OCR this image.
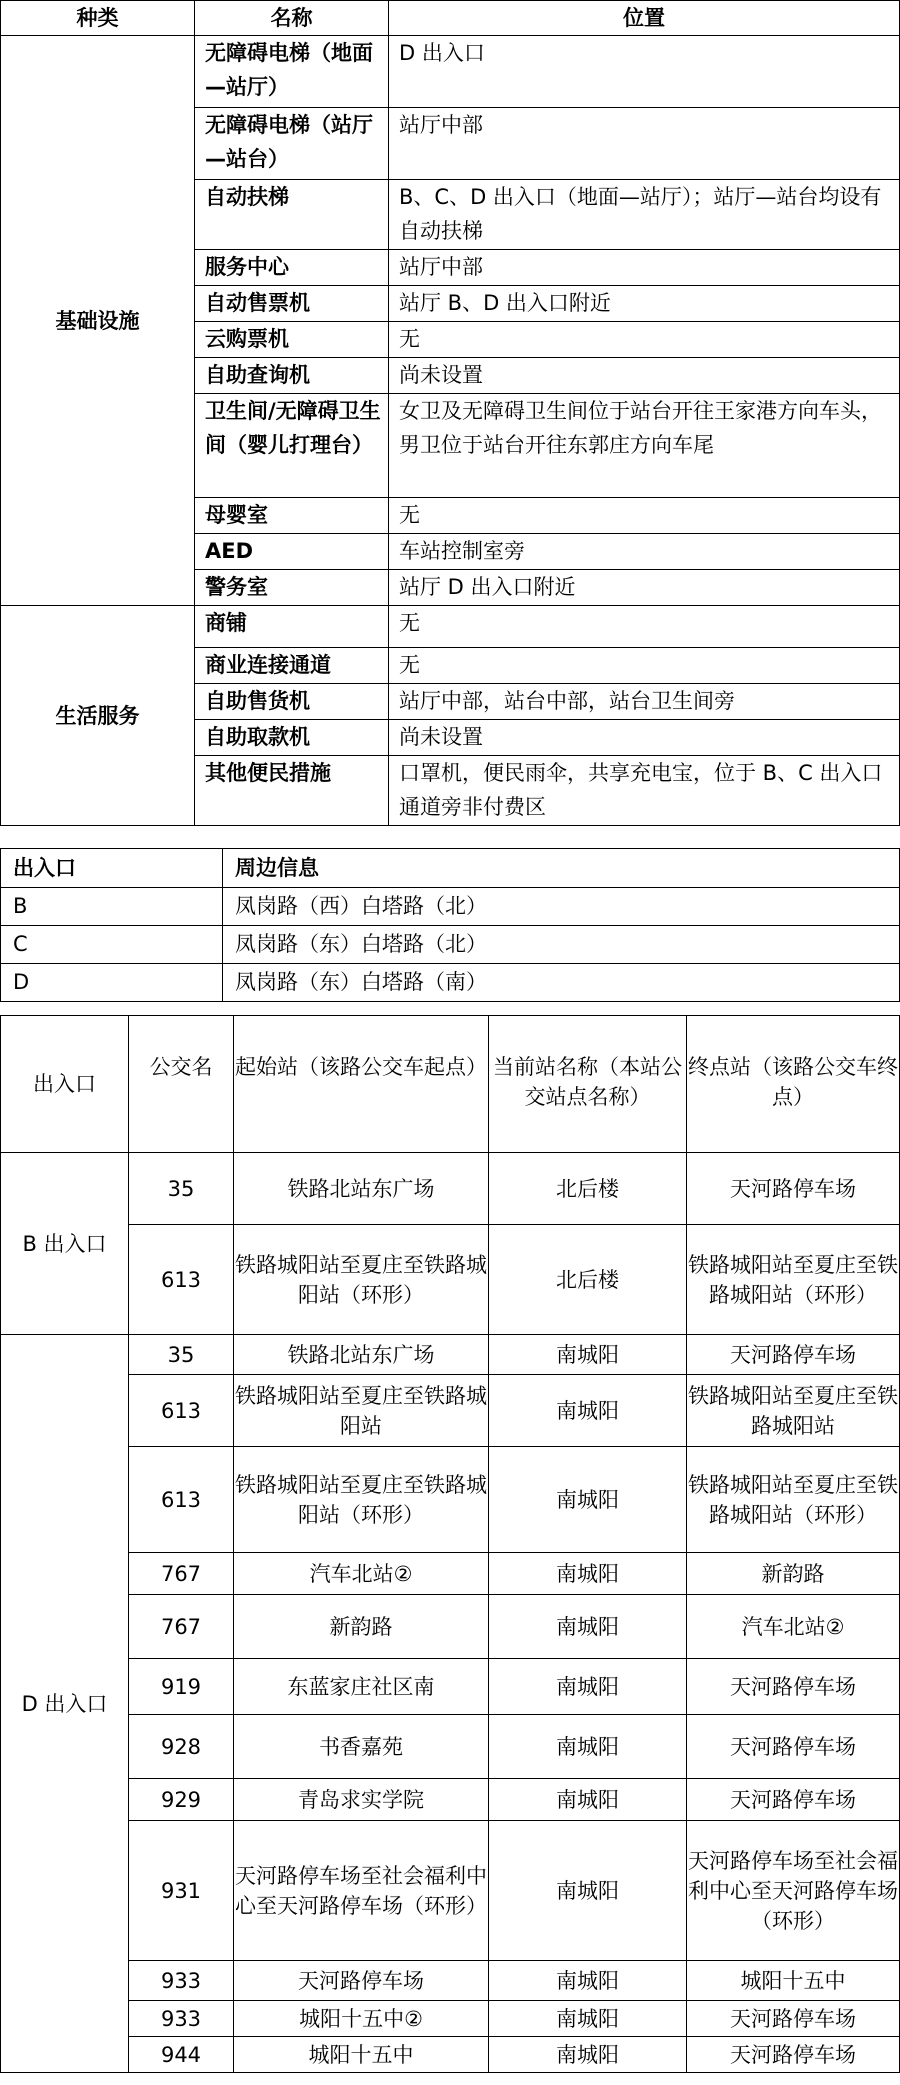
种类	名称	位置
基础设施	无障碍电梯（地面—站厅）	D 出入口
	无障碍电梯（站厅—站台）	站厅中部
	自动扶梯	B、C、D 出入口（地面—站厅）；站厅—站台均设有自动扶梯
	服务中心	站厅中部
	自动售票机	站厅 B、D 出入口附近
	云购票机	无
	自助查询机	尚未设置
	卫生间/无障碍卫生间（婴儿打理台）	女卫及无障碍卫生间位于站台开往王家港方向车头，男卫位于站台开往东郭庄方向车尾
	母婴室	无
	AED	车站控制室旁
	警务室	站厅 D 出入口附近
生活服务	商铺	无
	商业连接通道	无
	自助售货机	站厅中部，站台中部，站台卫生间旁
	自助取款机	尚未设置
	其他便民措施	口罩机，便民雨伞，共享充电宝，位于 B、C 出入口通道旁非付费区
出入口	周边信息
B	凤岗路（西）白塔路（北）
C	凤岗路（东）白塔路（北）
D	凤岗路（东）白塔路（南）
出入口	公交名	起始站（该路公交车起点）	当前站名称（本站公交站点名称）	终点站（该路公交车终点）
B 出入口	35	铁路北站东广场	北后楼	天河路停车场
	613	铁路城阳站至夏庄至铁路城阳站（环形）	北后楼	铁路城阳站至夏庄至铁路城阳站（环形）
D 出入口	35	铁路北站东广场	南城阳	天河路停车场
	613	铁路城阳站至夏庄至铁路城阳站	南城阳	铁路城阳站至夏庄至铁路城阳站
	613	铁路城阳站至夏庄至铁路城阳站（环形）	南城阳	铁路城阳站至夏庄至铁路城阳站（环形）
	767	汽车北站②	南城阳	新韵路
	767	新韵路	南城阳	汽车北站②
	919	东蓝家庄社区南	南城阳	天河路停车场
	928	书香嘉苑	南城阳	天河路停车场
	929	青岛求实学院	南城阳	天河路停车场
	931	天河路停车场至社会福利中心至天河路停车场（环形）	南城阳	天河路停车场至社会福利中心至天河路停车场（环形）
	933	天河路停车场	南城阳	城阳十五中
	933	城阳十五中②	南城阳	天河路停车场
	944	城阳十五中	南城阳	天河路停车场
